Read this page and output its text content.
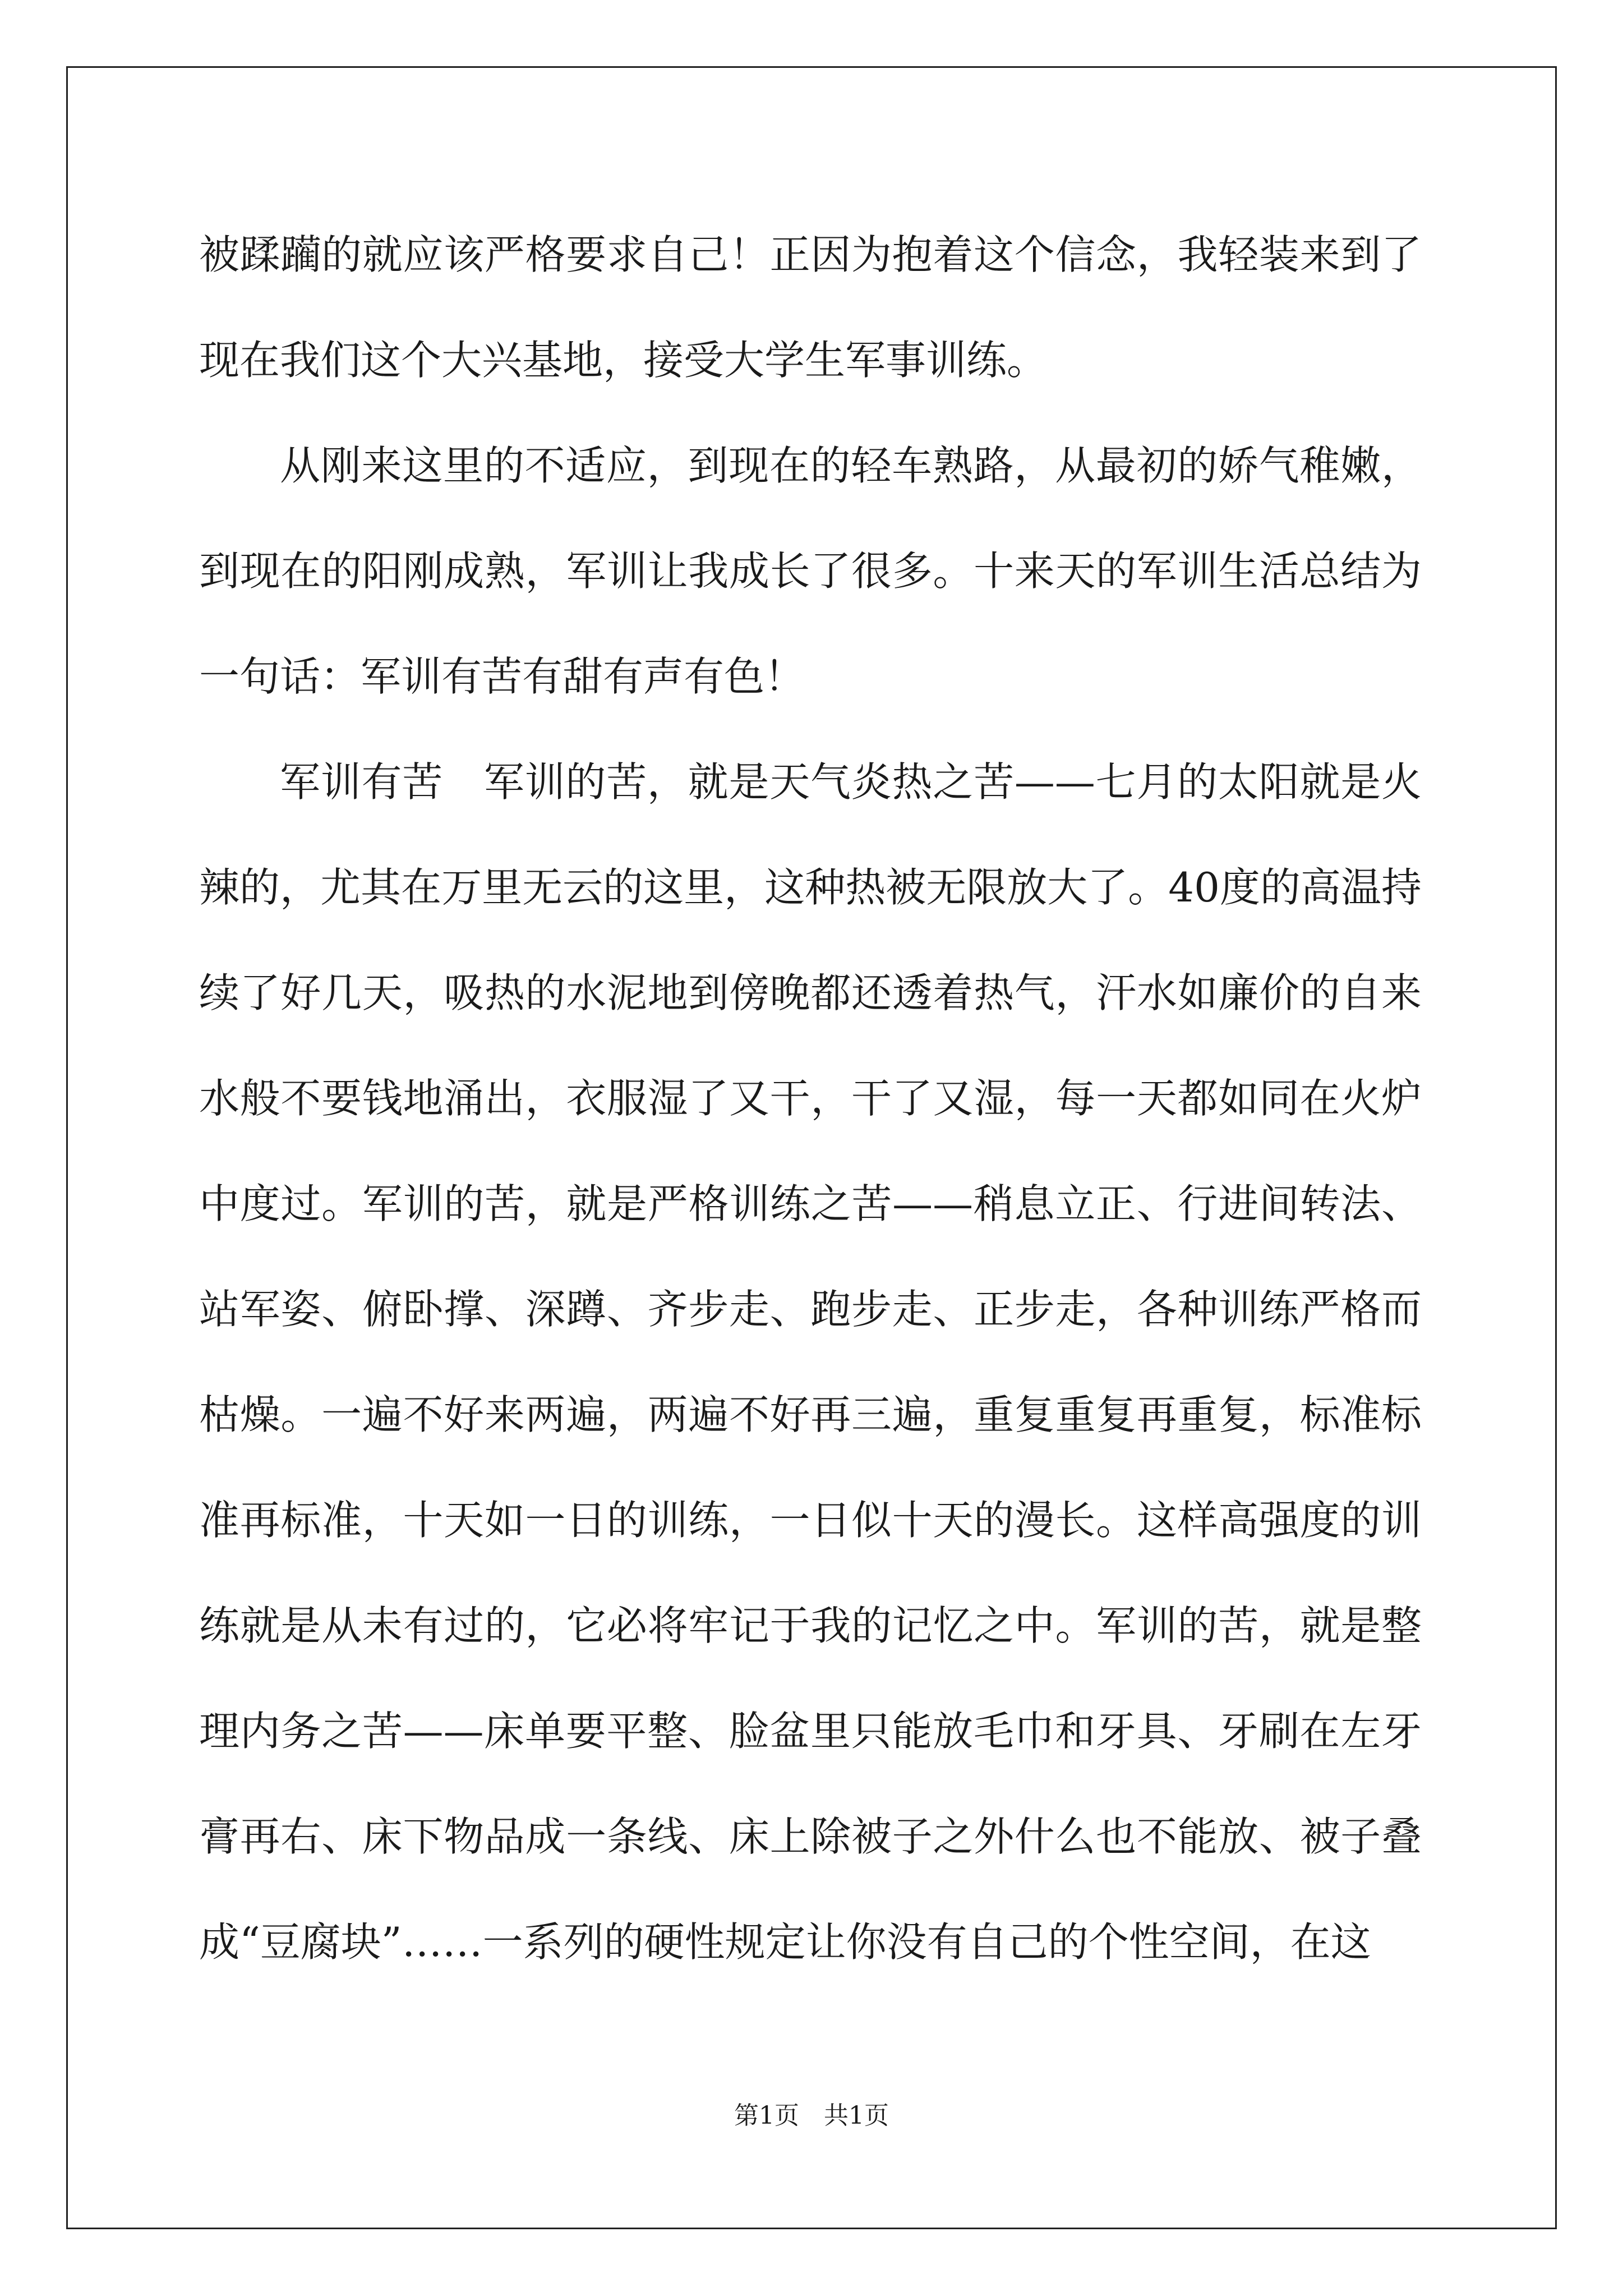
被蹂躏的就应该严格要求自己！正因为抱着这个信念，我轻装来到了现在我们这个大兴基地，接受大学生军事训练。

从刚来这里的不适应，到现在的轻车熟路，从最初的娇气稚嫩，到现在的阳刚成熟，军训让我成长了很多。十来天的军训生活总结为一句话：军训有苦有甜有声有色！

军训有苦　军训的苦，就是天气炎热之苦——七月的太阳就是火辣的，尤其在万里无云的这里，这种热被无限放大了。40度的高温持续了好几天，吸热的水泥地到傍晚都还透着热气，汗水如廉价的自来水般不要钱地涌出，衣服湿了又干，干了又湿，每一天都如同在火炉中度过。军训的苦，就是严格训练之苦——稍息立正、行进间转法、站军姿、俯卧撑、深蹲、齐步走、跑步走、正步走，各种训练严格而枯燥。一遍不好来两遍，两遍不好再三遍，重复重复再重复，标准标准再标准，十天如一日的训练，一日似十天的漫长。这样高强度的训练就是从未有过的，它必将牢记于我的记忆之中。军训的苦，就是整理内务之苦——床单要平整、脸盆里只能放毛巾和牙具、牙刷在左牙膏再右、床下物品成一条线、床上除被子之外什么也不能放、被子叠成“豆腐块”……一系列的硬性规定让你没有自己的个性空间，在这

第1页　共1页
